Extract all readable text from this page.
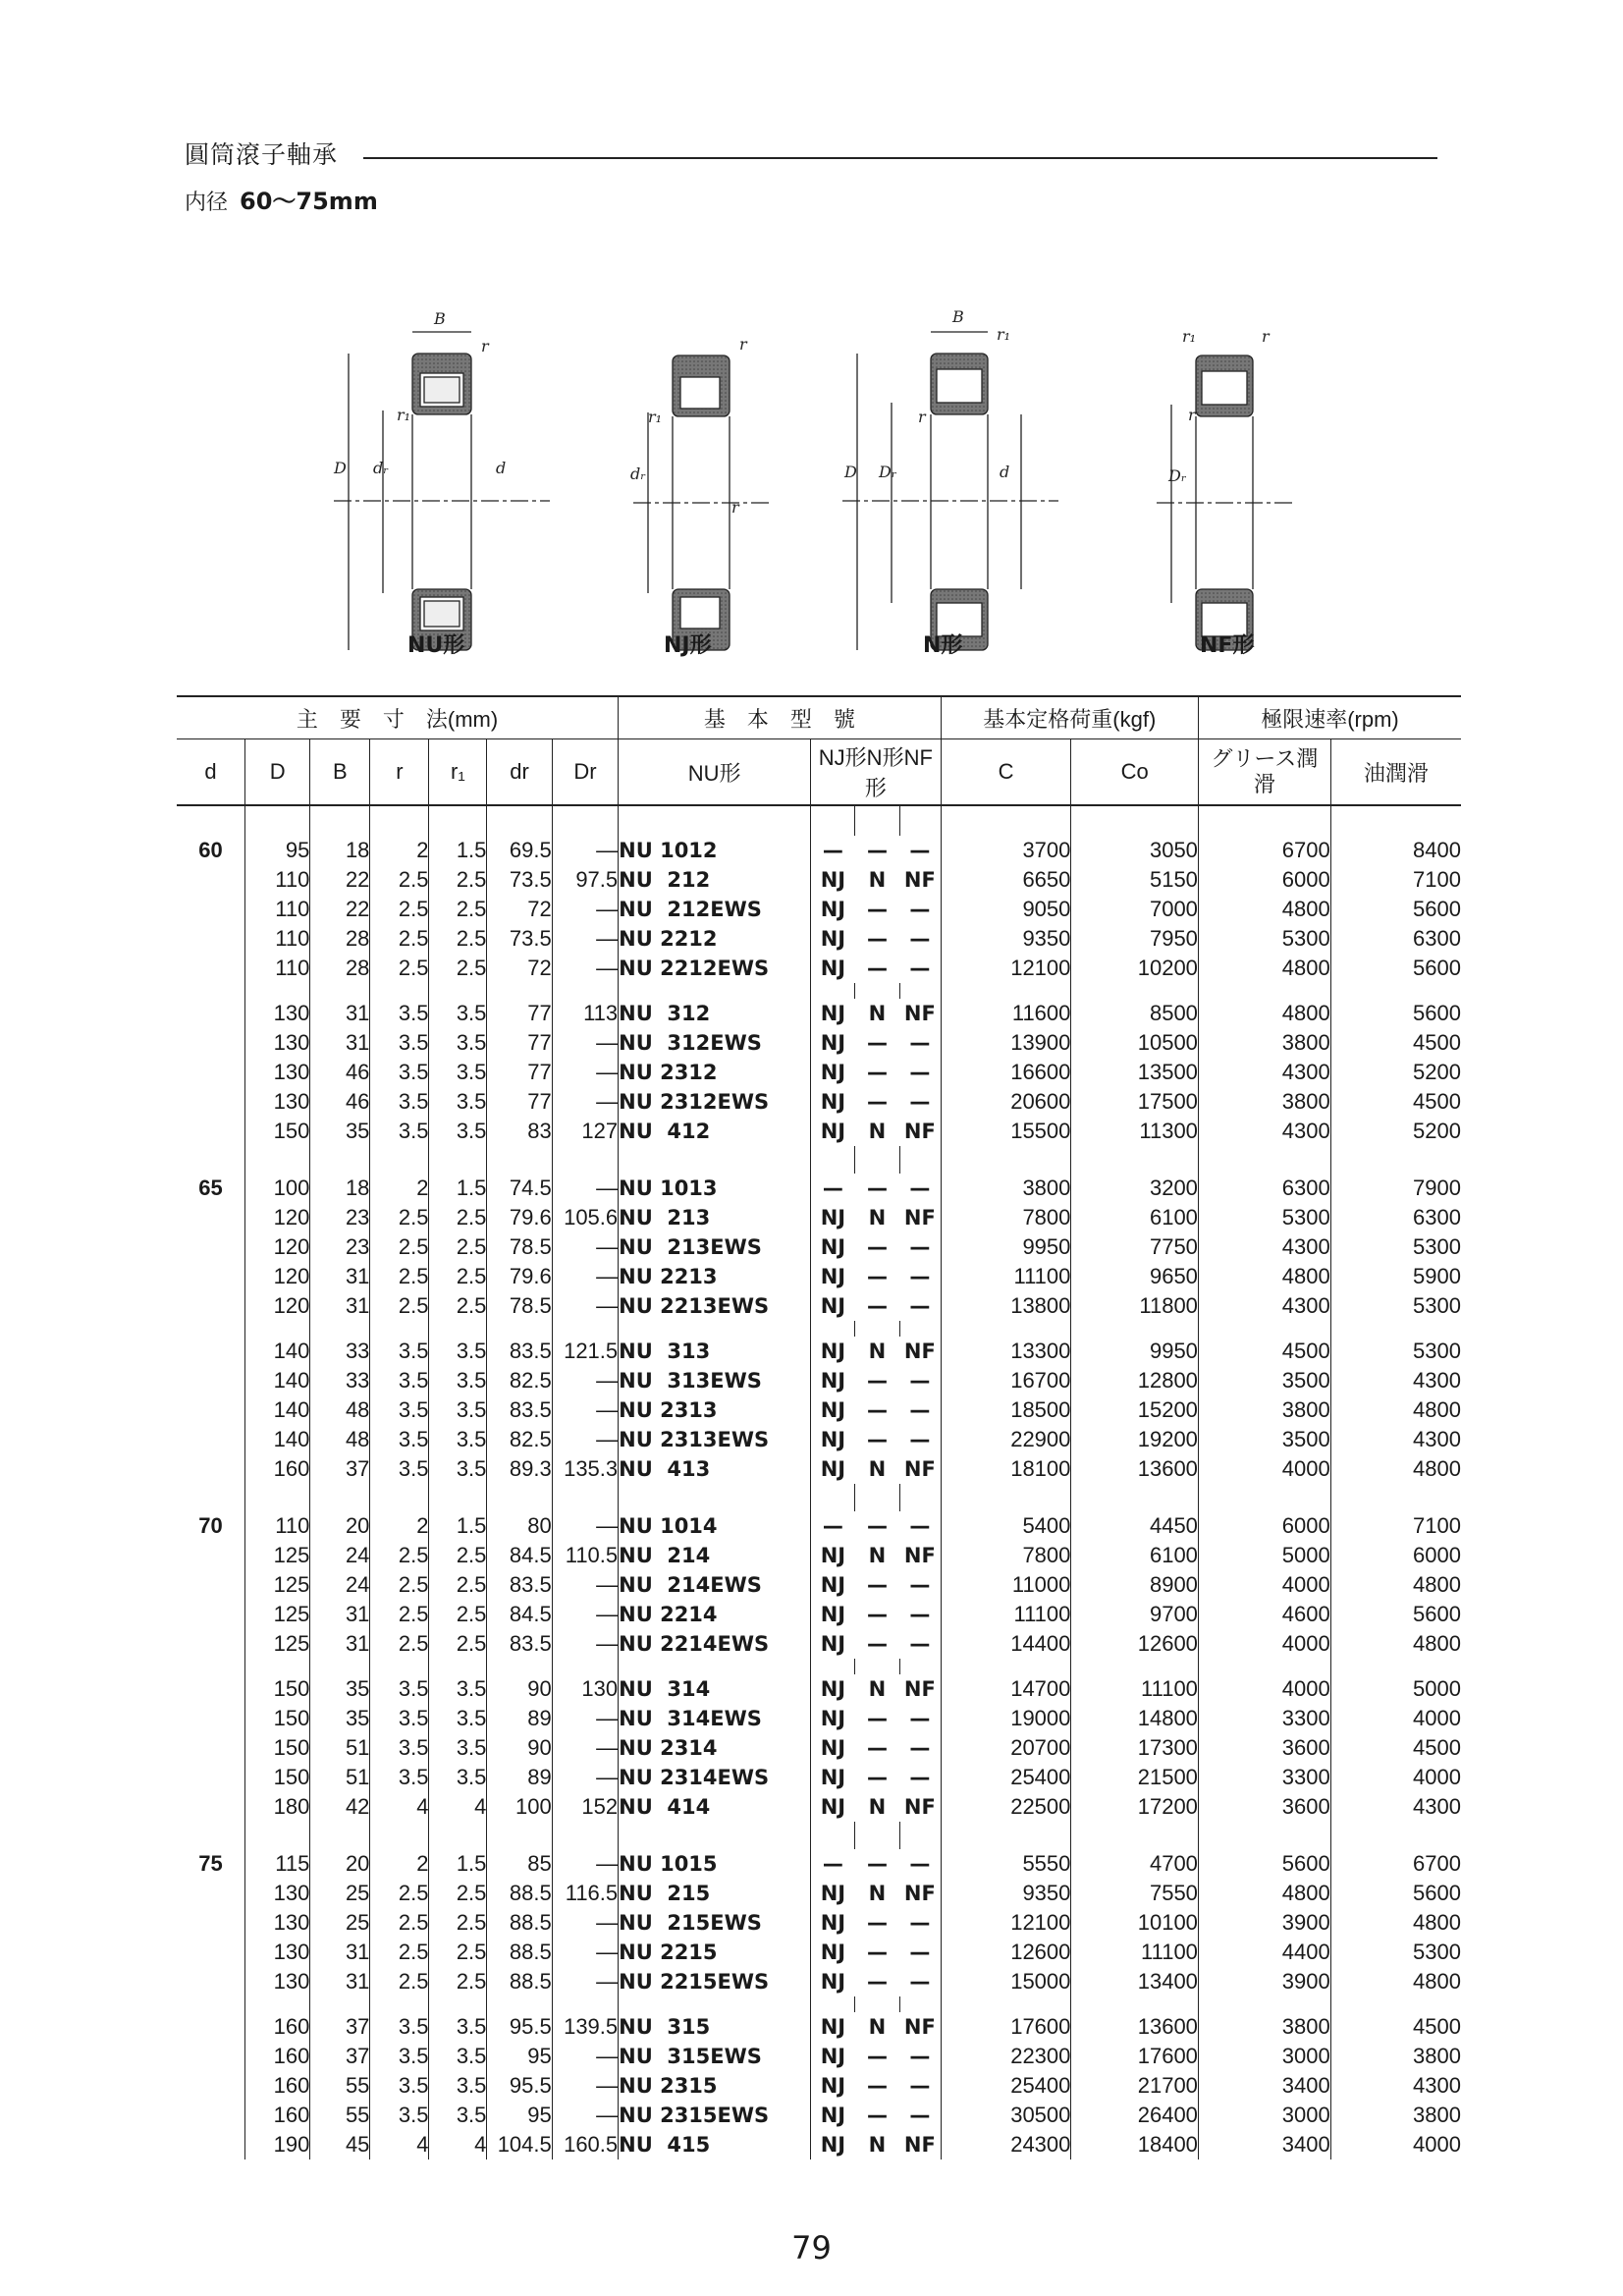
圓筒滾子軸承
内径 60～75mm
B
D dᵣ	d
r
r₁
dᵣ
r
r₁
r
B
D Dᵣ	d
r₁
r
Dᵣ
r
r₁
r
NU形	NJ形	N形	NF形
主　要　寸　法(mm)							基　本　型　號				基本定格荷重(kgf)		極限速率(rpm)	
d	D	B	r	r₁	dr	Dr	NU形	NJ形N形NF形			C	Co	グリース潤　滑	油潤滑

60	95	18	2	1.5	69.5	—	NU 1012	—	—	—	3700	3050	6700	8400
	110	22	2.5	2.5	73.5	97.5	NU  212	NJ	N	NF	6650	5150	6000	7100
	110	22	2.5	2.5	72	—	NU  212EWS	NJ	—	—	9050	7000	4800	5600
	110	28	2.5	2.5	73.5	—	NU 2212	NJ	—	—	9350	7950	5300	6300
	110	28	2.5	2.5	72	—	NU 2212EWS	NJ	—	—	12100	10200	4800	5600

	130	31	3.5	3.5	77	113	NU  312	NJ	N	NF	11600	8500	4800	5600
	130	31	3.5	3.5	77	—	NU  312EWS	NJ	—	—	13900	10500	3800	4500
	130	46	3.5	3.5	77	—	NU 2312	NJ	—	—	16600	13500	4300	5200
	130	46	3.5	3.5	77	—	NU 2312EWS	NJ	—	—	20600	17500	3800	4500
	150	35	3.5	3.5	83	127	NU  412	NJ	N	NF	15500	11300	4300	5200

65	100	18	2	1.5	74.5	—	NU 1013	—	—	—	3800	3200	6300	7900
	120	23	2.5	2.5	79.6	105.6	NU  213	NJ	N	NF	7800	6100	5300	6300
	120	23	2.5	2.5	78.5	—	NU  213EWS	NJ	—	—	9950	7750	4300	5300
	120	31	2.5	2.5	79.6	—	NU 2213	NJ	—	—	11100	9650	4800	5900
	120	31	2.5	2.5	78.5	—	NU 2213EWS	NJ	—	—	13800	11800	4300	5300

	140	33	3.5	3.5	83.5	121.5	NU  313	NJ	N	NF	13300	9950	4500	5300
	140	33	3.5	3.5	82.5	—	NU  313EWS	NJ	—	—	16700	12800	3500	4300
	140	48	3.5	3.5	83.5	—	NU 2313	NJ	—	—	18500	15200	3800	4800
	140	48	3.5	3.5	82.5	—	NU 2313EWS	NJ	—	—	22900	19200	3500	4300
	160	37	3.5	3.5	89.3	135.3	NU  413	NJ	N	NF	18100	13600	4000	4800

70	110	20	2	1.5	80	—	NU 1014	—	—	—	5400	4450	6000	7100
	125	24	2.5	2.5	84.5	110.5	NU  214	NJ	N	NF	7800	6100	5000	6000
	125	24	2.5	2.5	83.5	—	NU  214EWS	NJ	—	—	11000	8900	4000	4800
	125	31	2.5	2.5	84.5	—	NU 2214	NJ	—	—	11100	9700	4600	5600
	125	31	2.5	2.5	83.5	—	NU 2214EWS	NJ	—	—	14400	12600	4000	4800

	150	35	3.5	3.5	90	130	NU  314	NJ	N	NF	14700	11100	4000	5000
	150	35	3.5	3.5	89	—	NU  314EWS	NJ	—	—	19000	14800	3300	4000
	150	51	3.5	3.5	90	—	NU 2314	NJ	—	—	20700	17300	3600	4500
	150	51	3.5	3.5	89	—	NU 2314EWS	NJ	—	—	25400	21500	3300	4000
	180	42	4	4	100	152	NU  414	NJ	N	NF	22500	17200	3600	4300

75	115	20	2	1.5	85	—	NU 1015	—	—	—	5550	4700	5600	6700
	130	25	2.5	2.5	88.5	116.5	NU  215	NJ	N	NF	9350	7550	4800	5600
	130	25	2.5	2.5	88.5	—	NU  215EWS	NJ	—	—	12100	10100	3900	4800
	130	31	2.5	2.5	88.5	—	NU 2215	NJ	—	—	12600	11100	4400	5300
	130	31	2.5	2.5	88.5	—	NU 2215EWS	NJ	—	—	15000	13400	3900	4800

	160	37	3.5	3.5	95.5	139.5	NU  315	NJ	N	NF	17600	13600	3800	4500
	160	37	3.5	3.5	95	—	NU  315EWS	NJ	—	—	22300	17600	3000	3800
	160	55	3.5	3.5	95.5	—	NU 2315	NJ	—	—	25400	21700	3400	4300
	160	55	3.5	3.5	95	—	NU 2315EWS	NJ	—	—	30500	26400	3000	3800
	190	45	4	4	104.5	160.5	NU  415	NJ	N	NF	24300	18400	3400	4000
79
